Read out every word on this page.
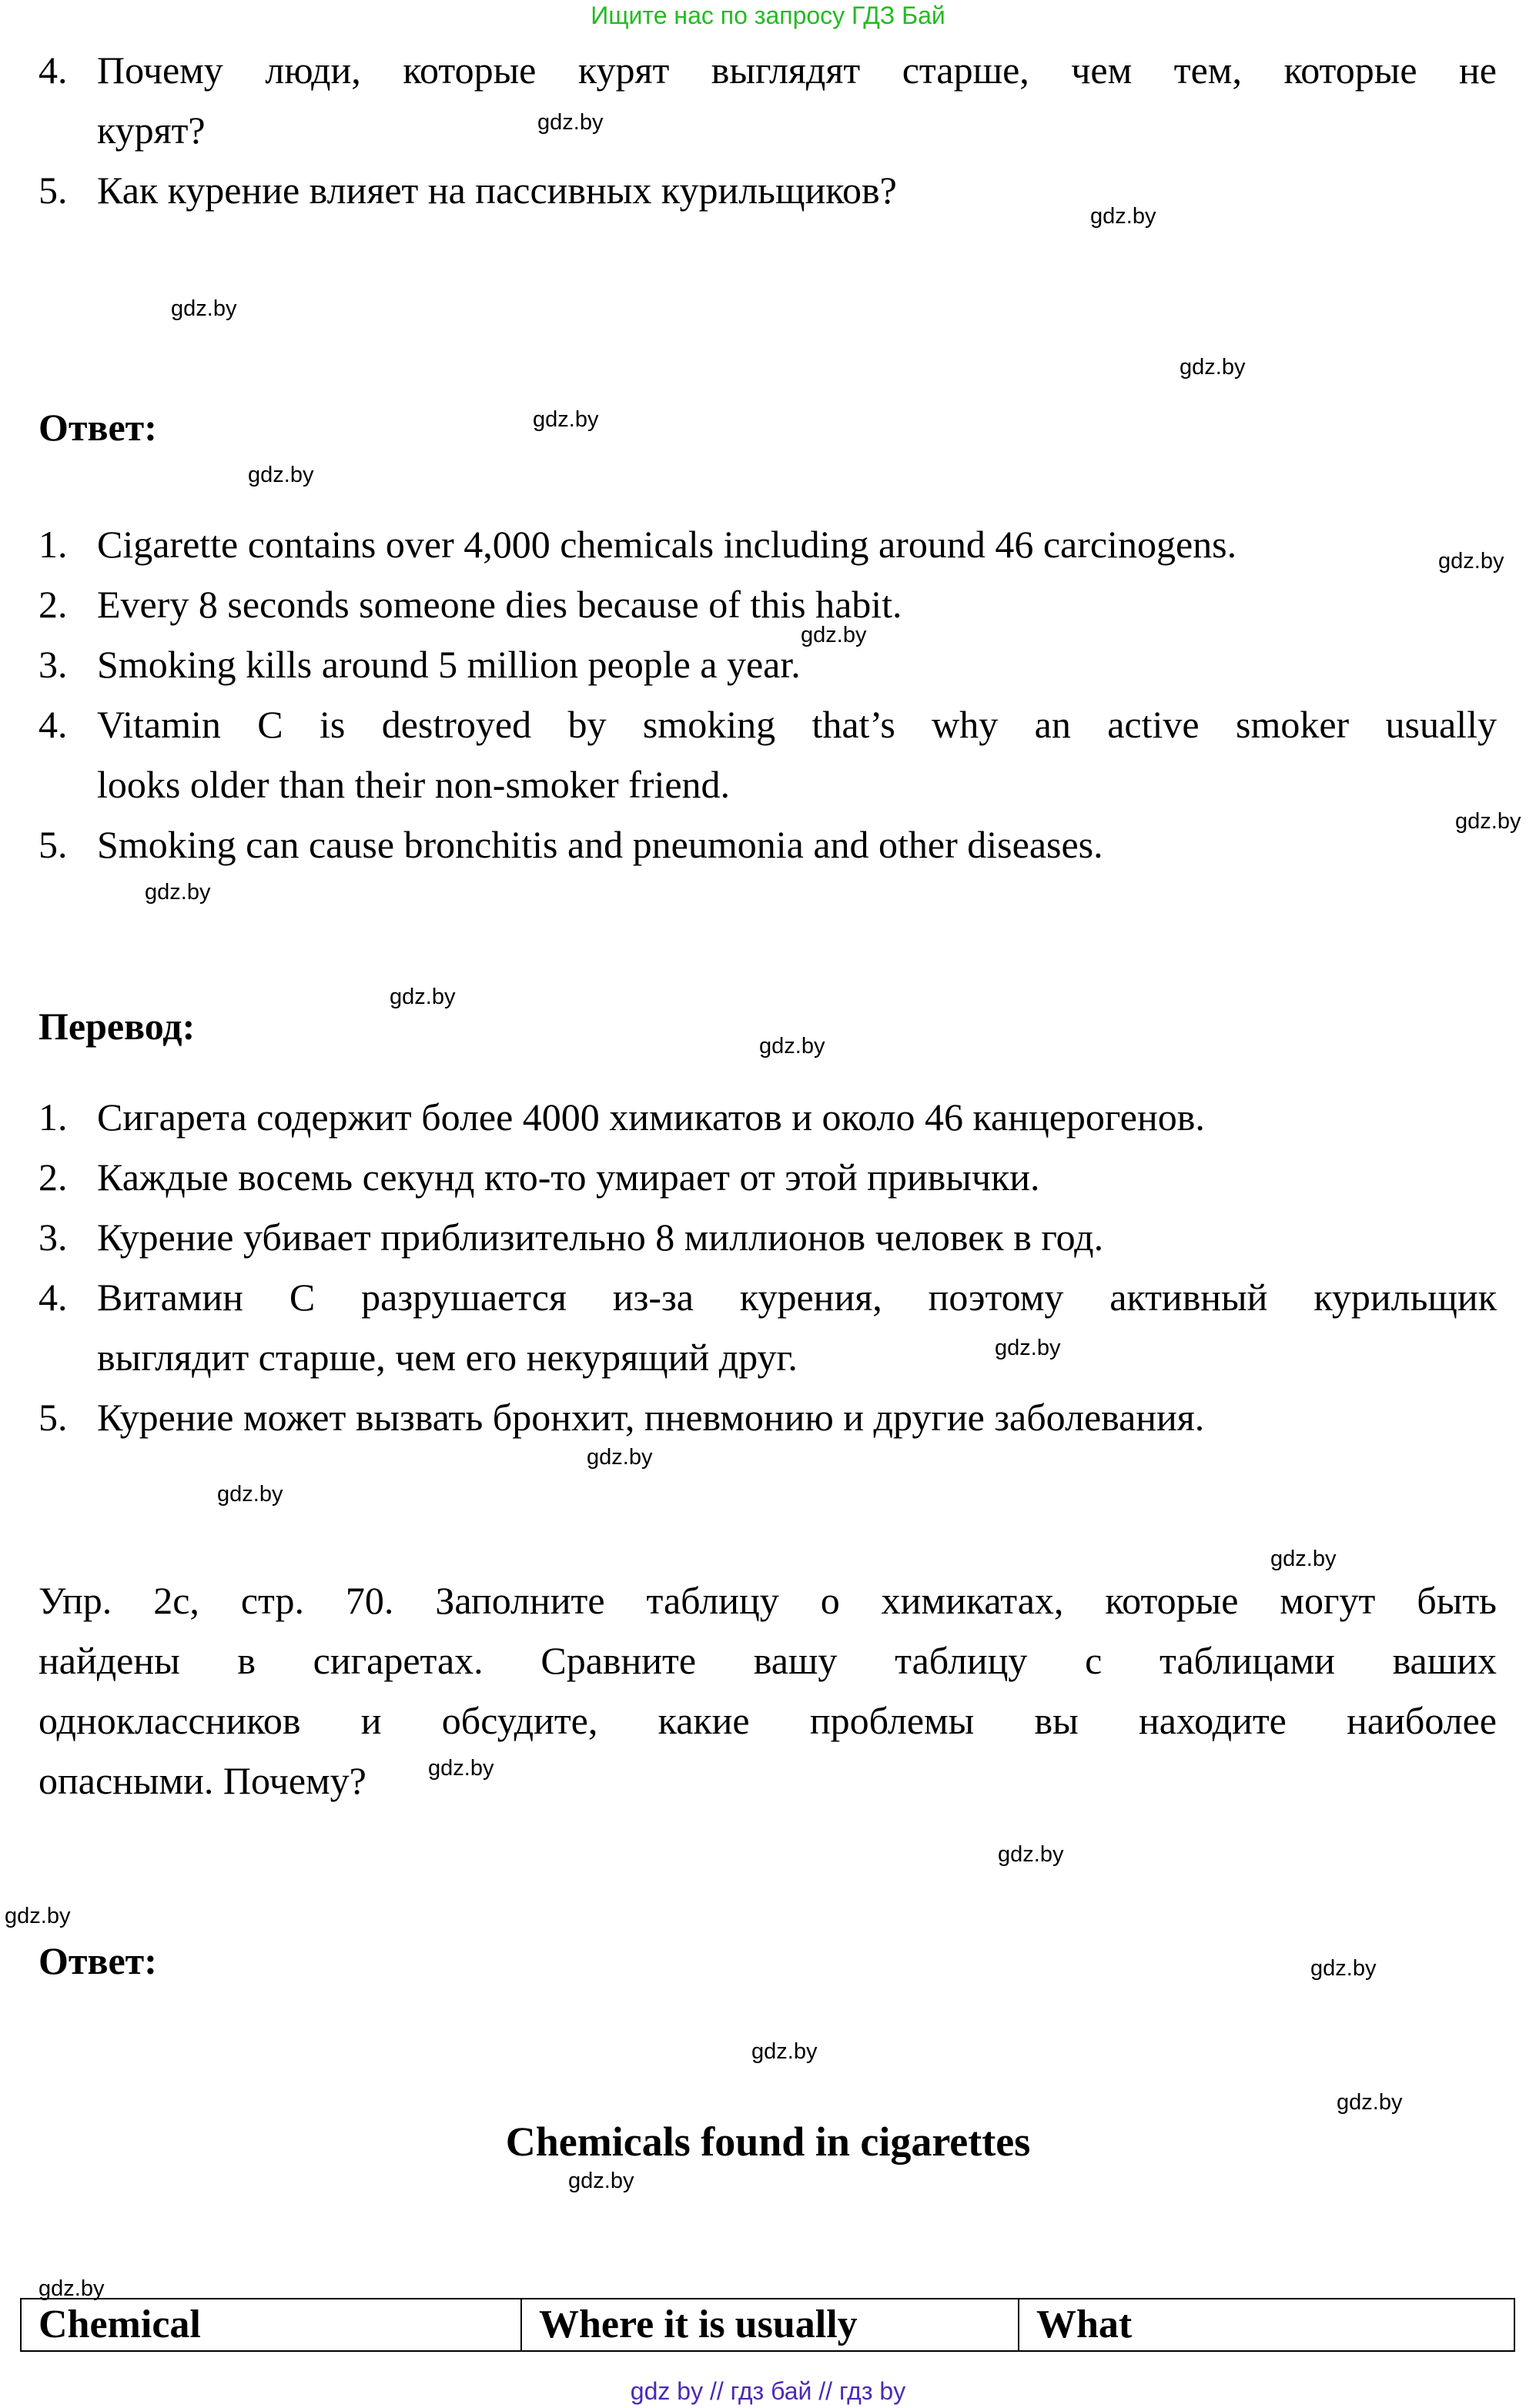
Ищите нас по запросу ГДЗ Бай
4. Почему люди, которые курят выглядят старше, чем тем, которые не
курят?
5. Как курение влияет на пассивных курильщиков?
Ответ:
1. Cigarette contains over 4,000 chemicals including around 46 carcinogens.
2. Every 8 seconds someone dies because of this habit.
3. Smoking kills around 5 million people a year.
4. Vitamin C is destroyed by smoking that’s why an active smoker usually
looks older than their non-smoker friend.
5. Smoking can cause bronchitis and pneumonia and other diseases.
Перевод:
1. Сигарета содержит более 4000 химикатов и около 46 канцерогенов.
2. Каждые восемь секунд кто-то умирает от этой привычки.
3. Курение убивает приблизительно 8 миллионов человек в год.
4. Витамин С разрушается из-за курения, поэтому активный курильщик
выглядит старше, чем его некурящий друг.
5. Курение может вызвать бронхит, пневмонию и другие заболевания.
Упр. 2с, стр. 70. Заполните таблицу о химикатах, которые могут быть
найдены в сигаретах. Сравните вашу таблицу с таблицами ваших
одноклассников и обсудите, какие проблемы вы находите наиболее
опасными. Почему?
Ответ:
Chemicals found in cigarettes
Chemical	Where it is usually	What
gdz.by
gdz.by
gdz.by
gdz.by
gdz.by
gdz.by
gdz.by
gdz.by
gdz.by
gdz.by
gdz.by
gdz.by
gdz.by
gdz.by
gdz.by
gdz.by
gdz.by
gdz.by
gdz.by
gdz.by
gdz.by
gdz.by
gdz.by
gdz.by
gdz by // гдз бай // гдз by
